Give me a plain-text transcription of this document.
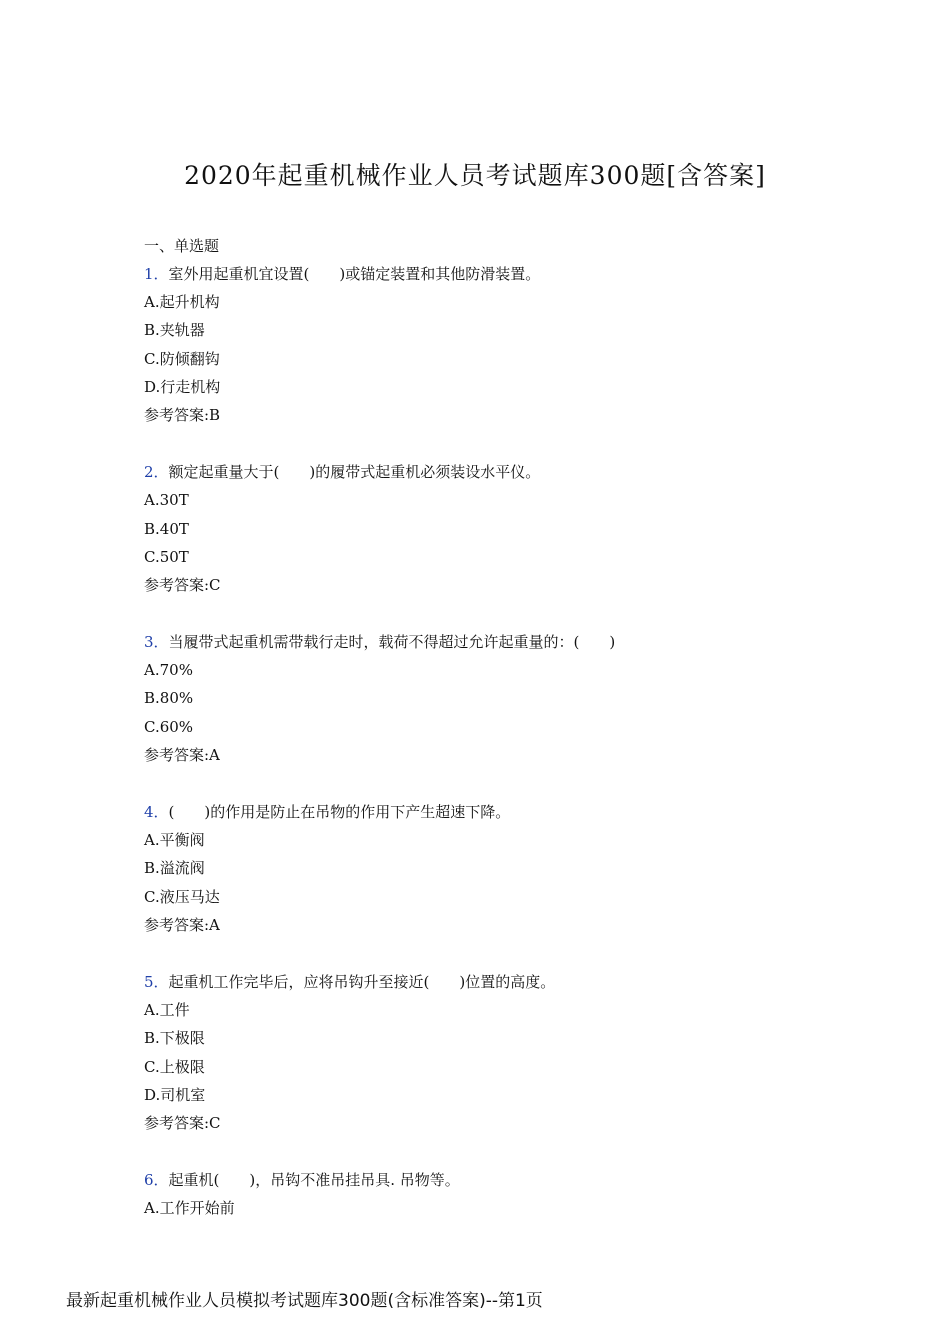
2020年起重机械作业人员考试题库300题[含答案]
一、单选题
1．室外用起重机宜设置(　　)或锚定装置和其他防滑装置。
A.起升机构
B.夹轨器
C.防倾翻钩
D.行走机构
参考答案:B
2．额定起重量大于(　　)的履带式起重机必须装设水平仪。
A.30T
B.40T
C.50T
参考答案:C
3．当履带式起重机需带载行走时，载荷不得超过允许起重量的：(　　)
A.70%
B.80%
C.60%
参考答案:A
4．(　　)的作用是防止在吊物的作用下产生超速下降。
A.平衡阀
B.溢流阀
C.液压马达
参考答案:A
5．起重机工作完毕后，应将吊钩升至接近(　　)位置的高度。
A.工件
B.下极限
C.上极限
D.司机室
参考答案:C
6．起重机(　　)，吊钩不准吊挂吊具. 吊物等。
A.工作开始前
最新起重机械作业人员模拟考试题库300题(含标准答案)--第1页
